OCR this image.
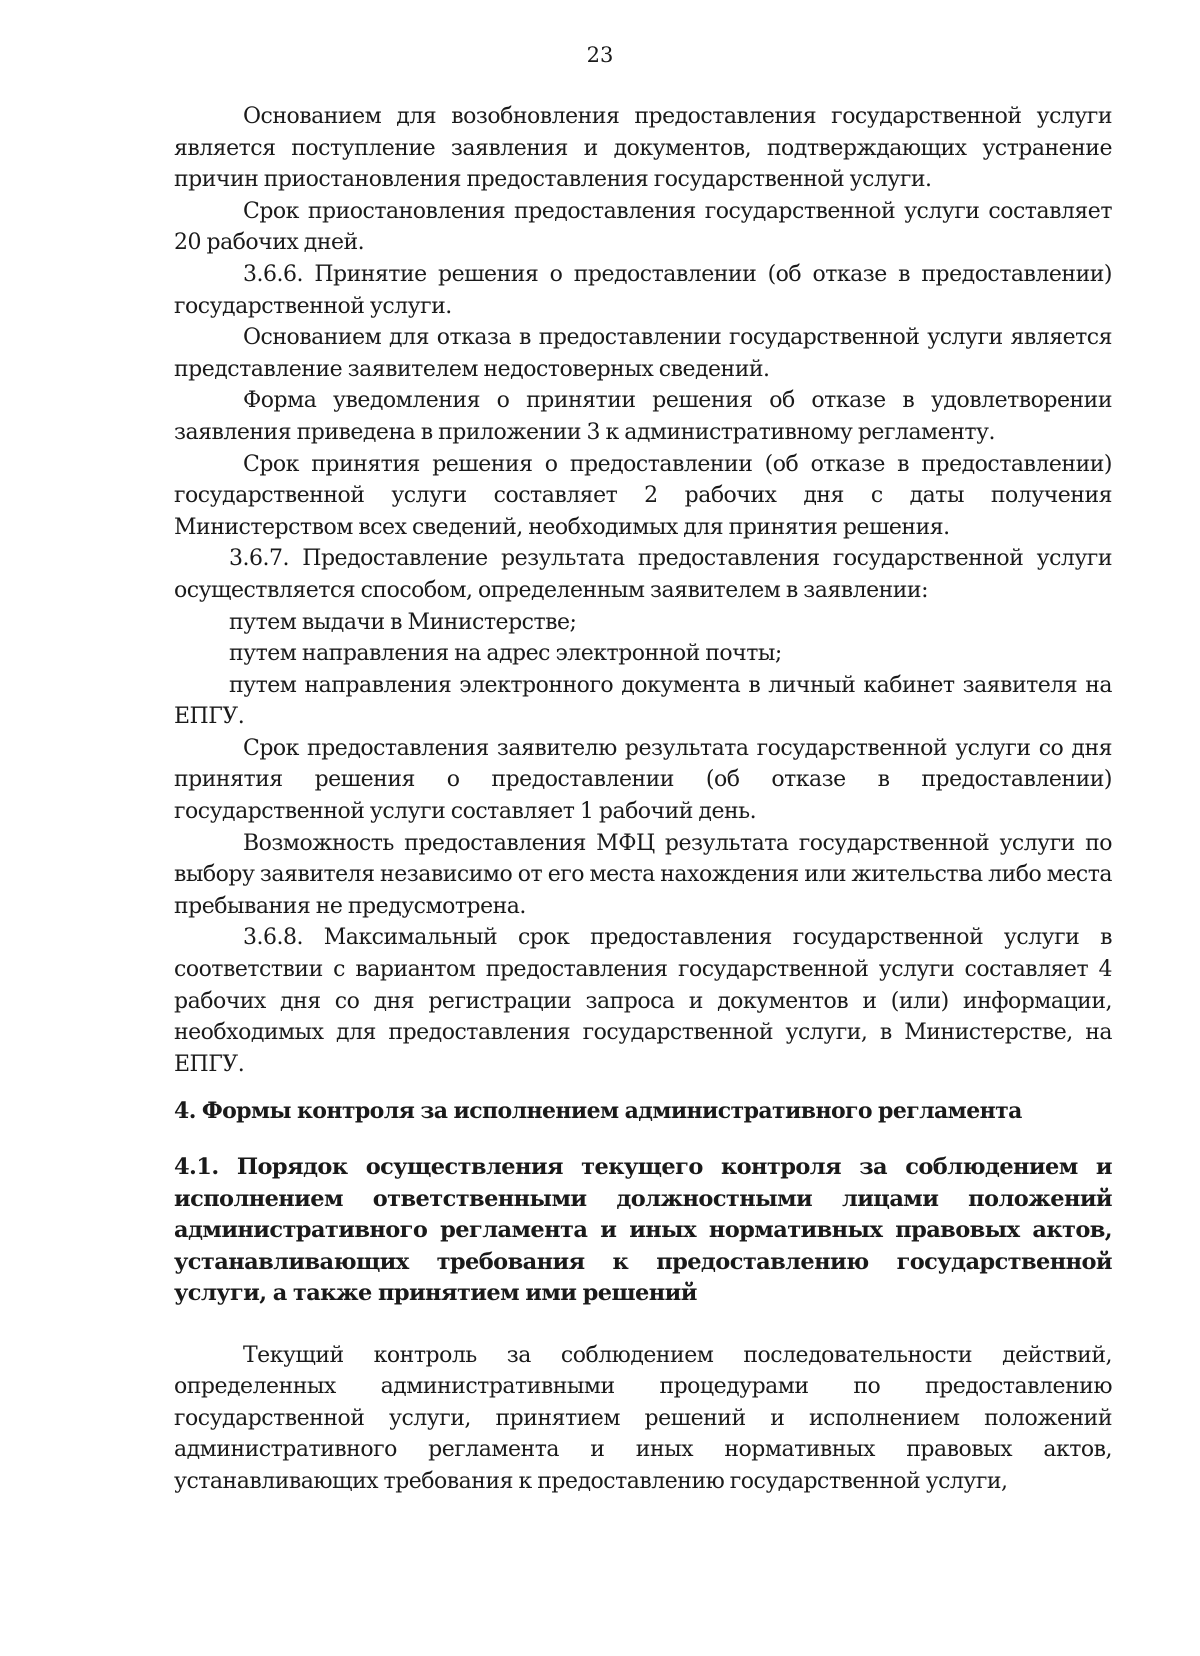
23

Основанием для возобновления предоставления государственной услуги является поступление заявления и документов, подтверждающих устранение причин приостановления предоставления государственной услуги.

Срок приостановления предоставления государственной услуги составляет 20 рабочих дней.

3.6.6. Принятие решения о предоставлении (об отказе в предоставлении) государственной услуги.

Основанием для отказа в предоставлении государственной услуги является представление заявителем недостоверных сведений.

Форма уведомления о принятии решения об отказе в удовлетворении заявления приведена в приложении 3 к административному регламенту.

Срок принятия решения о предоставлении (об отказе в предоставлении) государственной услуги составляет 2 рабочих дня с даты получения Министерством всех сведений, необходимых для принятия решения.

3.6.7. Предоставление результата предоставления государственной услуги осуществляется способом, определенным заявителем в заявлении:

путем выдачи в Министерстве;

путем направления на адрес электронной почты;

путем направления электронного документа в личный кабинет заявителя на ЕПГУ.

Срок предоставления заявителю результата государственной услуги со дня принятия решения о предоставлении (об отказе в предоставлении) государственной услуги составляет 1 рабочий день.

Возможность предоставления МФЦ результата государственной услуги по выбору заявителя независимо от его места нахождения или жительства либо места пребывания не предусмотрена.

3.6.8. Максимальный срок предоставления государственной услуги в соответствии с вариантом предоставления государственной услуги составляет 4 рабочих дня со дня регистрации запроса и документов и (или) информации, необходимых для предоставления государственной услуги, в Министерстве, на ЕПГУ.

4. Формы контроля за исполнением административного регламента

4.1. Порядок осуществления текущего контроля за соблюдением и исполнением ответственными должностными лицами положений административного регламента и иных нормативных правовых актов, устанавливающих требования к предоставлению государственной услуги, а также принятием ими решений

Текущий контроль за соблюдением последовательности действий, определенных административными процедурами по предоставлению государственной услуги, принятием решений и исполнением положений административного регламента и иных нормативных правовых актов, устанавливающих требования к предоставлению государственной услуги,
